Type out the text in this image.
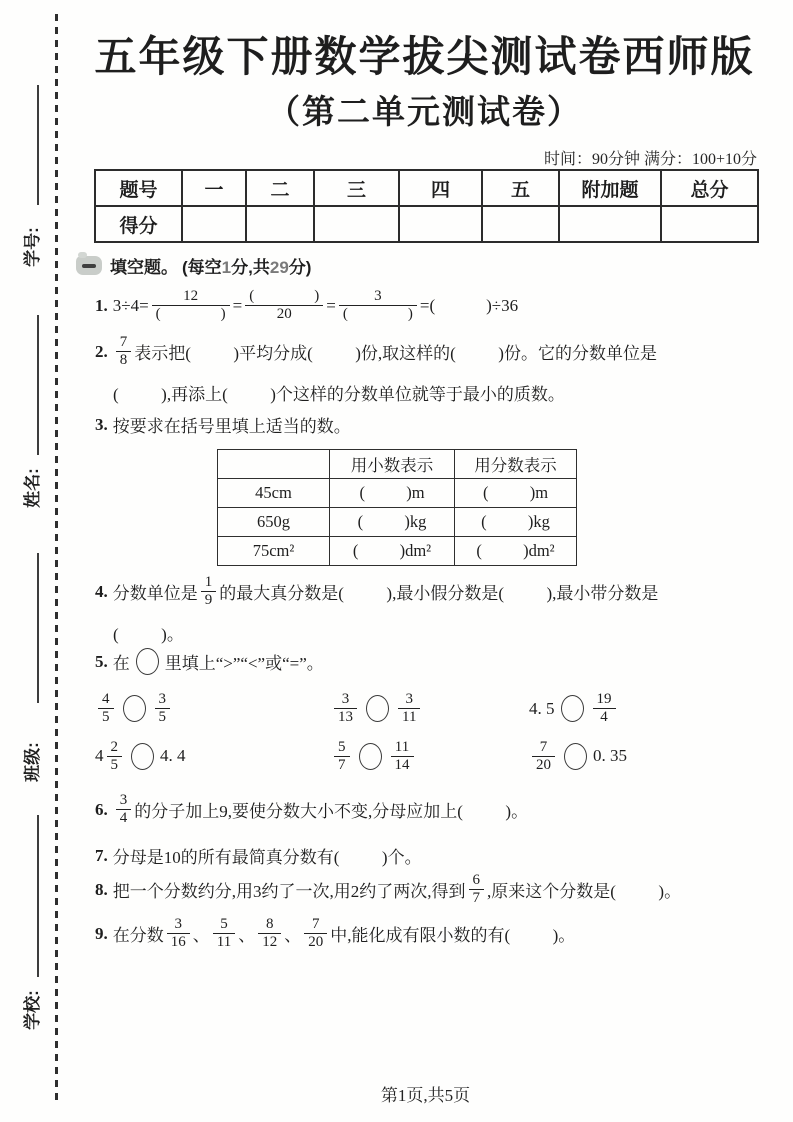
学号:
姓名:
班级:
学校:
五年级下册数学拔尖测试卷西师版
（第二单元测试卷）
时间：90分钟 满分：100+10分
题号	一	二	三	四	五	附加题	总分
得分							
填空题。 (每空1分,共29分)
1. $3\div 4= \frac{12}{( )} = \frac{( )}{20} = \frac{3}{( )}$ =(            )÷36
2. $\frac{7}{8}$ 表示把(          )平均分成(          )份,取这样的(          )份。它的分数单位是
(          ),再添上(          )个这样的分数单位就等于最小的质数。
3. 按要求在括号里填上适当的数。
	用小数表示	用分数表示
45cm	(          )m	(          )m
650g	(          )kg	(          )kg
75cm²	(          )dm²	(          )dm²
4. 分数单位是 $\frac{1}{9}$ 的最大真分数是(          ),最小假分数是(          ),最小带分数是
(          )。
5. 在 里填上“>”“<”或“=”。
$\frac{4}{5}$	$\frac{3}{5}$	$\frac{3}{13}$	$\frac{3}{11}$	4. 5	$\frac{19}{4}$
$4 \frac{2}{5} 4$. 4	$\frac{5}{7}$	$\frac{11}{14}$	$\frac{7}{20} 0$. 35
6. $\frac{3}{4}$ 的分子加上9,要使分数大小不变,分母应加上(          )。
7. 分母是10的所有最简真分数有(          )个。
8. 把一个分数约分,用3约了一次,用2约了两次,得到 $\frac{6}{7}$ ,原来这个分数是(          )。
9. 在分数 $\frac{3}{16}$ 、 $\frac{5}{11}$ 、 $\frac{8}{12}$ 、 $\frac{7}{20}$ 中,能化成有限小数的有(          )。
第1页,共5页
